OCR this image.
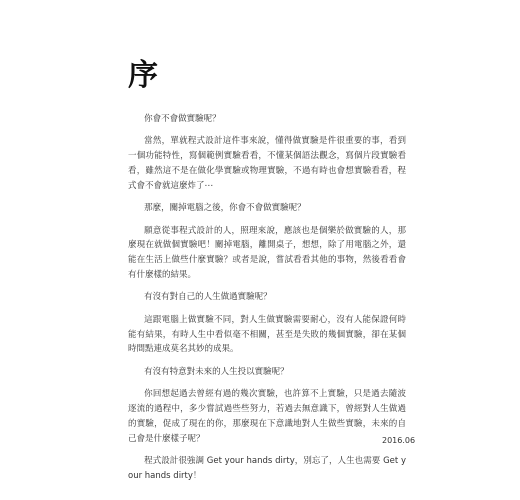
序

你會不會做實驗呢？

當然，單就程式設計這件事來說，懂得做實驗是件很重要的事，看到一個功能特性，寫個範例實驗看看，不懂某個語法觀念，寫個片段實驗看看，雖然這不是在做化學實驗或物理實驗，不過有時也會想實驗看看，程式會不會就這麼炸了⋯

那麼，關掉電腦之後，你會不會做實驗呢？

願意從事程式設計的人，照理來說，應該也是個樂於做實驗的人，那麼現在就做個實驗吧！關掉電腦，離開桌子，想想，除了用電腦之外，還能在生活上做些什麼實驗？或者是說，嘗試看看其他的事物，然後看看會有什麼樣的結果。

有沒有對自己的人生做過實驗呢？

這跟電腦上做實驗不同，對人生做實驗需要耐心，沒有人能保證何時能有結果，有時人生中看似毫不相關，甚至是失敗的幾個實驗，卻在某個時間點連成莫名其妙的成果。

有沒有特意對未來的人生投以實驗呢？

你回想起過去曾經有過的幾次實驗，也許算不上實驗，只是過去隨波逐流的過程中，多少嘗試過些些努力，若過去無意識下，曾經對人生做過的實驗，促成了現在的你，那麼現在下意識地對人生做些實驗，未來的自己會是什麼樣子呢？

程式設計很強調 Get your hands dirty，別忘了，人生也需要 Get your hands dirty！

2016.06
